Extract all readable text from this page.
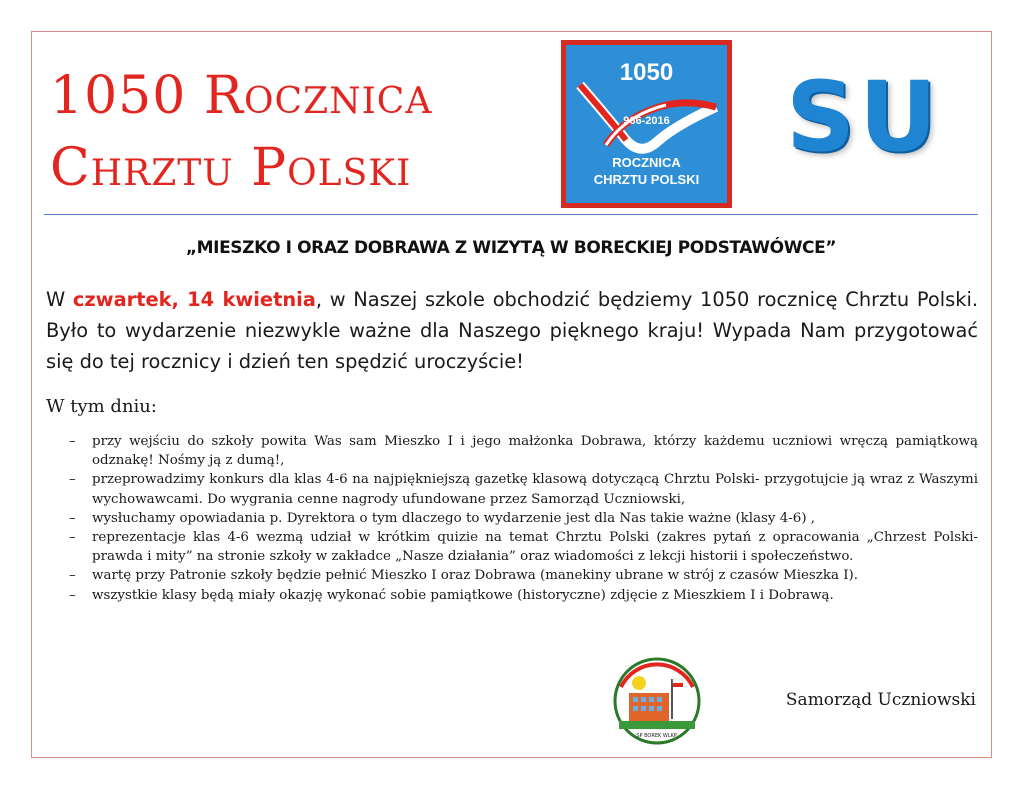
1050 Rocznica
Chrztu Polski
1050
966-2016
ROCZNICA
CHRZTU POLSKI
SU
„MIESZKO I ORAZ DOBRAWA Z WIZYTĄ W BORECKIEJ PODSTAWÓWCE”
W czwartek, 14 kwietnia, w Naszej szkole obchodzić będziemy 1050 rocznicę Chrztu Polski. Było to wydarzenie niezwykle ważne dla Naszego pięknego kraju! Wypada Nam przygotować się do tej rocznicy i dzień ten spędzić uroczyście!
W tym dniu:
– przy wejściu do szkoły powita Was sam Mieszko I i jego małżonka Dobrawa, którzy każdemu uczniowi wręczą pamiątkową odznakę! Nośmy ją z dumą!,
– przeprowadzimy konkurs dla klas 4-6 na najpiękniejszą gazetkę klasową dotyczącą Chrztu Polski- przygotujcie ją wraz z Waszymi wychowawcami. Do wygrania cenne nagrody ufundowane przez Samorząd Uczniowski,
– wysłuchamy opowiadania p. Dyrektora o tym dlaczego to wydarzenie jest dla Nas takie ważne (klasy 4-6) ,
– reprezentacje klas 4-6 wezmą udział w krótkim quizie na temat Chrztu Polski (zakres pytań z opracowania „Chrzest Polski-prawda i mity” na stronie szkoły w zakładce „Nasze działania” oraz wiadomości z lekcji historii i społeczeństwo.
– wartę przy Patronie szkoły będzie pełnić Mieszko I oraz Dobrawa (manekiny ubrane w strój z czasów Mieszka I).
– wszystkie klasy będą miały okazję wykonać sobie pamiątkowe (historyczne) zdjęcie z Mieszkiem I i Dobrawą.
SP BOREK WLKP.
Samorząd Uczniowski
